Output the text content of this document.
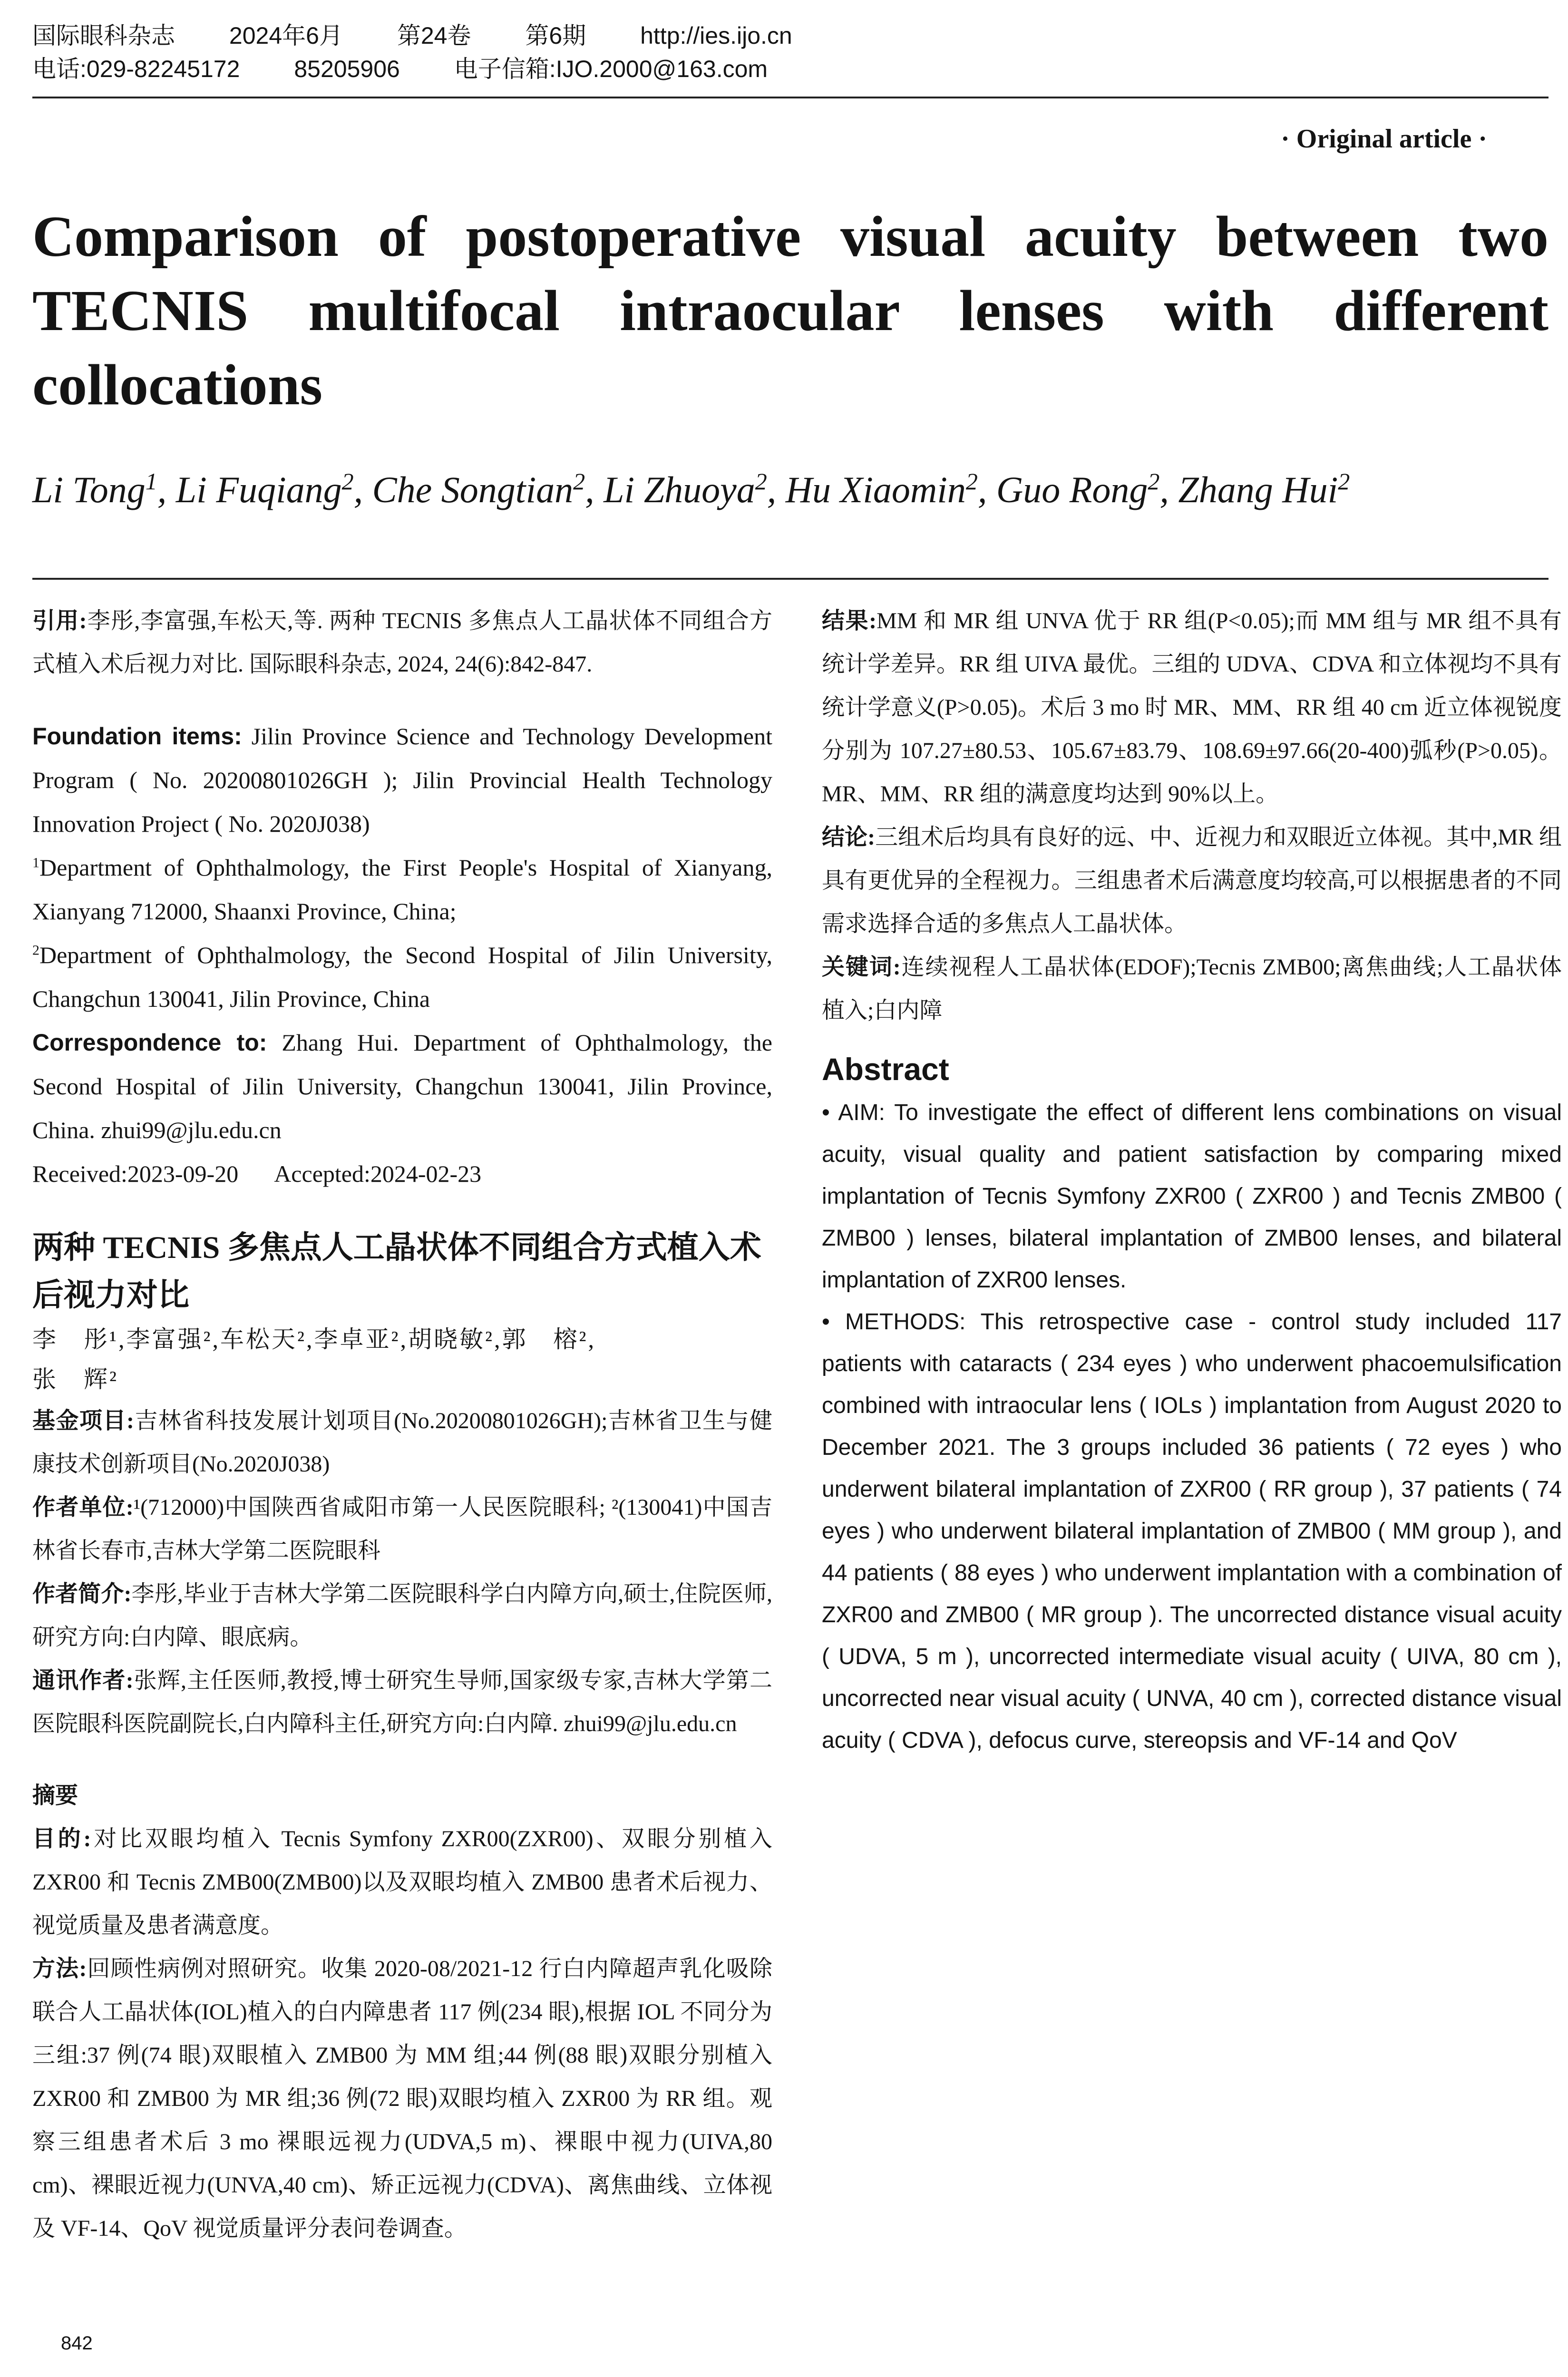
国际眼科杂志 2024年6月 第24卷 第6期 http://ies.ijo.cn
电话:029-82245172 85205906 电子信箱:IJO.2000@163.com
· Original article ·
Comparison of postoperative visual acuity between two TECNIS multifocal intraocular lenses with different collocations
Li Tong$^1$, Li Fuqiang$^2$, Che Songtian$^2$, Li Zhuoya$^2$, Hu Xiaomin$^2$, Guo Rong$^2$, Zhang Hui$^2$

引用:李彤,李富强,车松天,等. 两种 TECNIS 多焦点人工晶状体不同组合方式植入术后视力对比. 国际眼科杂志, 2024, 24(6):842-847.

Foundation items: Jilin Province Science and Technology Development Program ( No. 20200801026GH ); Jilin Provincial Health Technology Innovation Project ( No. 2020J038)

$^1$Department of Ophthalmology, the First People's Hospital of Xianyang, Xianyang 712000, Shaanxi Province, China;

$^2$Department of Ophthalmology, the Second Hospital of Jilin University, Changchun 130041, Jilin Province, China

Correspondence to: Zhang Hui. Department of Ophthalmology, the Second Hospital of Jilin University, Changchun 130041, Jilin Province, China. zhui99@jlu.edu.cn

Received:2023-09-20 Accepted:2024-02-23

两种 TECNIS 多焦点人工晶状体不同组合方式植入术后视力对比
李　彤¹,李富强²,车松天²,李卓亚²,胡晓敏²,郭　榕²,
张　辉²

基金项目:吉林省科技发展计划项目(No.20200801026GH);吉林省卫生与健康技术创新项目(No.2020J038)

作者单位:¹(712000)中国陕西省咸阳市第一人民医院眼科; ²(130041)中国吉林省长春市,吉林大学第二医院眼科

作者简介:李彤,毕业于吉林大学第二医院眼科学白内障方向,硕士,住院医师,研究方向:白内障、眼底病。

通讯作者:张辉,主任医师,教授,博士研究生导师,国家级专家,吉林大学第二医院眼科医院副院长,白内障科主任,研究方向:白内障. zhui99@jlu.edu.cn

摘要

目的:对比双眼均植入 Tecnis Symfony ZXR00(ZXR00)、双眼分别植入 ZXR00 和 Tecnis ZMB00(ZMB00)以及双眼均植入 ZMB00 患者术后视力、视觉质量及患者满意度。

方法:回顾性病例对照研究。收集 2020-08/2021-12 行白内障超声乳化吸除联合人工晶状体(IOL)植入的白内障患者 117 例(234 眼),根据 IOL 不同分为三组:37 例(74 眼)双眼植入 ZMB00 为 MM 组;44 例(88 眼)双眼分别植入 ZXR00 和 ZMB00 为 MR 组;36 例(72 眼)双眼均植入 ZXR00 为 RR 组。观察三组患者术后 3 mo 裸眼远视力(UDVA,5 m)、裸眼中视力(UIVA,80 cm)、裸眼近视力(UNVA,40 cm)、矫正远视力(CDVA)、离焦曲线、立体视及 VF-14、QoV 视觉质量评分表问卷调查。

结果:MM 和 MR 组 UNVA 优于 RR 组(P<0.05);而 MM 组与 MR 组不具有统计学差异。RR 组 UIVA 最优。三组的 UDVA、CDVA 和立体视均不具有统计学意义(P>0.05)。术后 3 mo 时 MR、MM、RR 组 40 cm 近立体视锐度分别为 107.27±80.53、105.67±83.79、108.69±97.66(20-400)弧秒(P>0.05)。MR、MM、RR 组的满意度均达到 90%以上。

结论:三组术后均具有良好的远、中、近视力和双眼近立体视。其中,MR 组具有更优异的全程视力。三组患者术后满意度均较高,可以根据患者的不同需求选择合适的多焦点人工晶状体。

关键词:连续视程人工晶状体(EDOF);Tecnis ZMB00;离焦曲线;人工晶状体植入;白内障

Abstract

• AIM: To investigate the effect of different lens combinations on visual acuity, visual quality and patient satisfaction by comparing mixed implantation of Tecnis Symfony ZXR00 ( ZXR00 ) and Tecnis ZMB00 ( ZMB00 ) lenses, bilateral implantation of ZMB00 lenses, and bilateral implantation of ZXR00 lenses.

• METHODS: This retrospective case - control study included 117 patients with cataracts ( 234 eyes ) who underwent phacoemulsification combined with intraocular lens ( IOLs ) implantation from August 2020 to December 2021. The 3 groups included 36 patients ( 72 eyes ) who underwent bilateral implantation of ZXR00 ( RR group ), 37 patients ( 74 eyes ) who underwent bilateral implantation of ZMB00 ( MM group ), and 44 patients ( 88 eyes ) who underwent implantation with a combination of ZXR00 and ZMB00 ( MR group ). The uncorrected distance visual acuity ( UDVA, 5 m ), uncorrected intermediate visual acuity ( UIVA, 80 cm ), uncorrected near visual acuity ( UNVA, 40 cm ), corrected distance visual acuity ( CDVA ), defocus curve, stereopsis and VF-14 and QoV

842
